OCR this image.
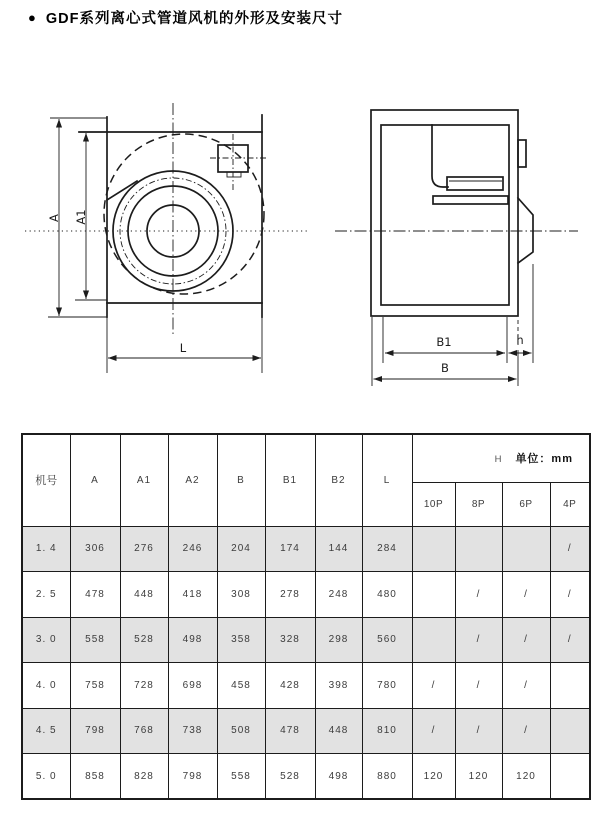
● GDF系列离心式管道风机的外形及安装尺寸
A A1
L	B1	h
B
机号	A	A1	A2	B	B1	B2	L	H 单位：mm			

								10P	8P	6P	4P
1. 4	306	276	246	204	174	144	284				/
2. 5	478	448	418	308	278	248	480		/	/	/
3. 0	558	528	498	358	328	298	560		/	/	/
4. 0	758	728	698	458	428	398	780	/	/	/	
4. 5	798	768	738	508	478	448	810	/	/	/	
5. 0	858	828	798	558	528	498	880	120	120	120	
